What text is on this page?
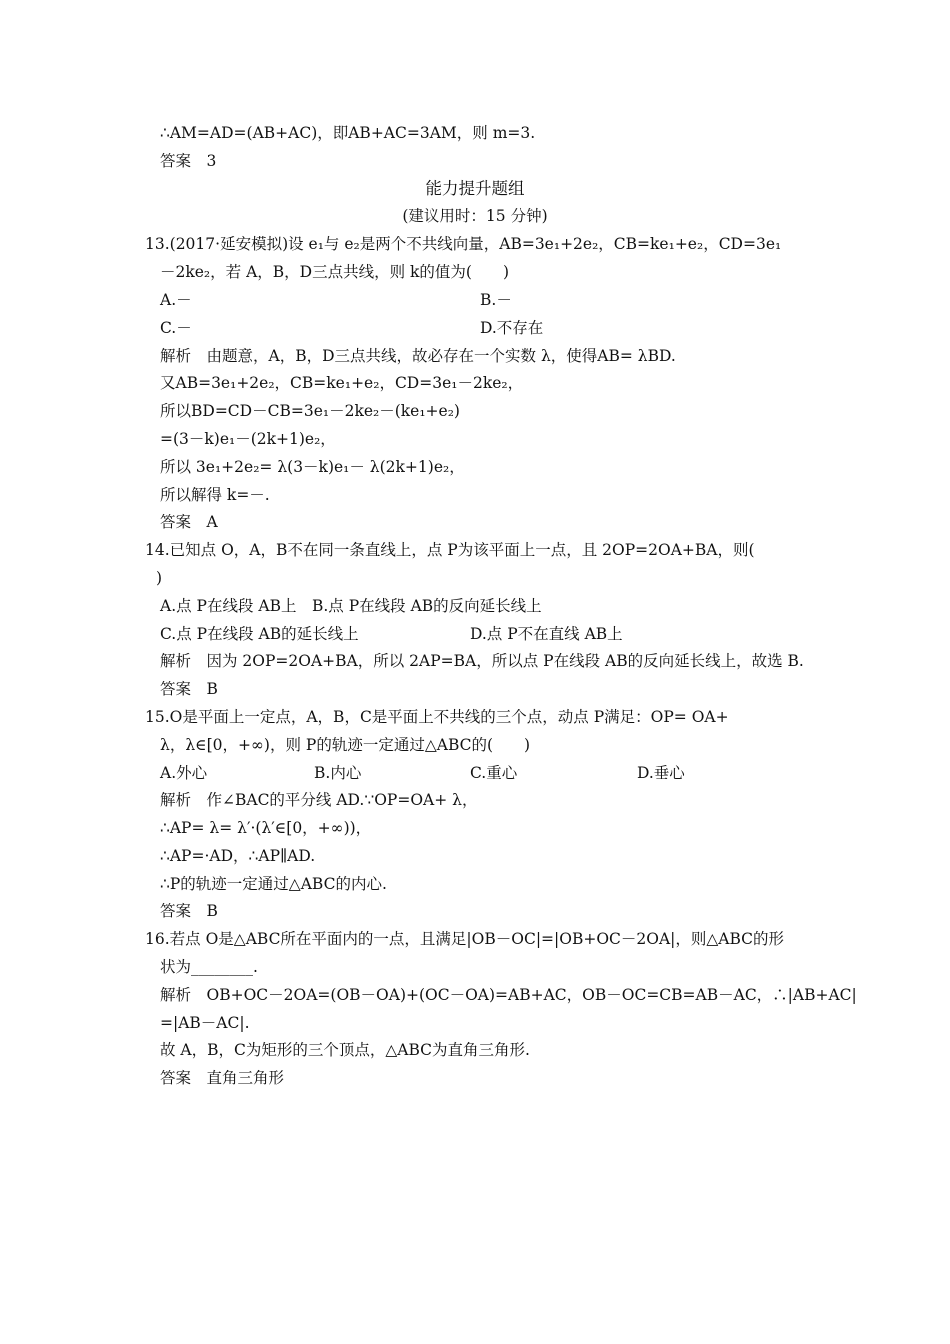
∴AM=AD=(AB+AC)，即AB+AC=3AM，则 m=3.
答案　3
能力提升题组
(建议用时：15 分钟)
13.(2017·延安模拟)设 e₁与 e₂是两个不共线向量，AB=3e₁+2e₂，CB=ke₁+e₂，CD=3e₁
－2ke₂，若 A，B，D三点共线，则 k的值为(　　)
A.－	B.－
C.－	D.不存在
解析　由题意，A，B，D三点共线，故必存在一个实数 λ，使得AB= λBD.
又AB=3e₁+2e₂，CB=ke₁+e₂，CD=3e₁－2ke₂，
所以BD=CD－CB=3e₁－2ke₂－(ke₁+e₂)
=(3－k)e₁－(2k+1)e₂，
所以 3e₁+2e₂= λ(3－k)e₁－ λ(2k+1)e₂，
所以解得 k=－.
答案　A
14.已知点 O，A，B不在同一条直线上，点 P为该平面上一点，且 2OP=2OA+BA，则(
)
A.点 P在线段 AB上　B.点 P在线段 AB的反向延长线上
C.点 P在线段 AB的延长线上	D.点 P不在直线 AB上
解析　因为 2OP=2OA+BA，所以 2AP=BA，所以点 P在线段 AB的反向延长线上，故选 B.
答案　B
15.O是平面上一定点，A，B，C是平面上不共线的三个点，动点 P满足：OP= OA+
λ，λ∈[0，+∞)，则 P的轨迹一定通过△ABC的(　　)
A.外心	B.内心	C.重心	D.垂心
解析　作∠BAC的平分线 AD.∵OP=OA+ λ，
∴AP= λ= λ′·(λ′∈[0，+∞))，
∴AP=·AD，∴AP∥AD.
∴P的轨迹一定通过△ABC的内心.
答案　B
16.若点 O是△ABC所在平面内的一点，且满足|OB－OC|=|OB+OC－2OA|，则△ABC的形
状为________.
解析　OB+OC－2OA=(OB－OA)+(OC－OA)=AB+AC，OB－OC=CB=AB－AC，∴|AB+AC|
=|AB－AC|.
故 A，B，C为矩形的三个顶点，△ABC为直角三角形.
答案　直角三角形
